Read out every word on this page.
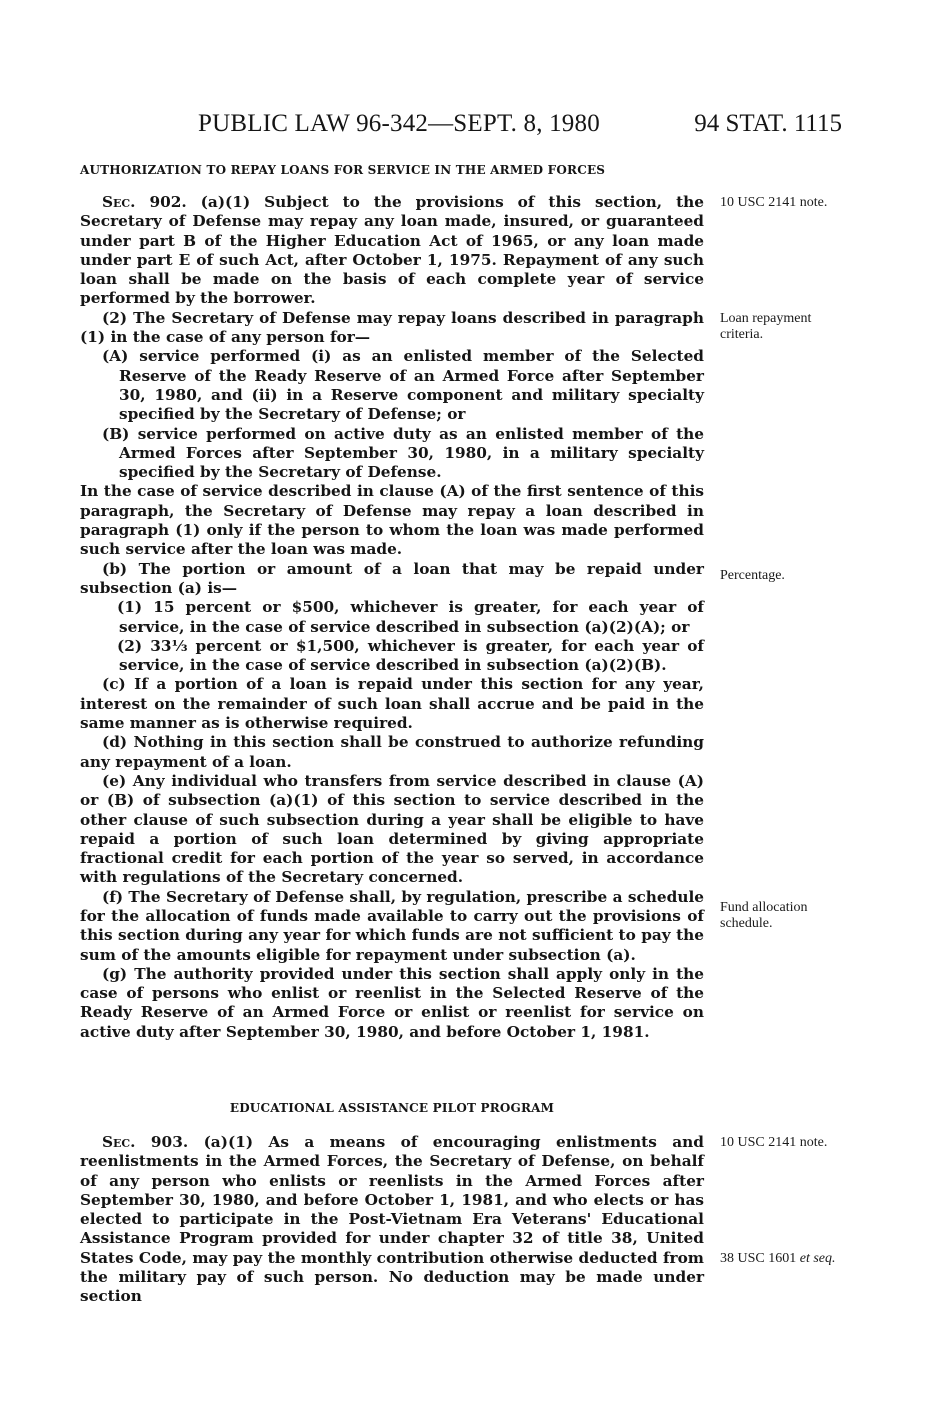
PUBLIC LAW 96-342—SEPT. 8, 1980	94 STAT. 1115
AUTHORIZATION TO REPAY LOANS FOR SERVICE IN THE ARMED FORCES

Sec. 902. (a)(1) Subject to the provisions of this section, the Secretary of Defense may repay any loan made, insured, or guaranteed under part B of the Higher Education Act of 1965, or any loan made under part E of such Act, after October 1, 1975. Repayment of any such loan shall be made on the basis of each complete year of service performed by the borrower.

(2) The Secretary of Defense may repay loans described in paragraph (1) in the case of any person for—

(A) service performed (i) as an enlisted member of the Selected Reserve of the Ready Reserve of an Armed Force after September 30, 1980, and (ii) in a Reserve component and military specialty specified by the Secretary of Defense; or

(B) service performed on active duty as an enlisted member of the Armed Forces after September 30, 1980, in a military specialty specified by the Secretary of Defense.

In the case of service described in clause (A) of the first sentence of this paragraph, the Secretary of Defense may repay a loan described in paragraph (1) only if the person to whom the loan was made performed such service after the loan was made.

(b) The portion or amount of a loan that may be repaid under subsection (a) is—

(1) 15 percent or $500, whichever is greater, for each year of service, in the case of service described in subsection (a)(2)(A); or

(2) 33⅓ percent or $1,500, whichever is greater, for each year of service, in the case of service described in subsection (a)(2)(B).

(c) If a portion of a loan is repaid under this section for any year, interest on the remainder of such loan shall accrue and be paid in the same manner as is otherwise required.

(d) Nothing in this section shall be construed to authorize refunding any repayment of a loan.

(e) Any individual who transfers from service described in clause (A) or (B) of subsection (a)(1) of this section to service described in the other clause of such subsection during a year shall be eligible to have repaid a portion of such loan determined by giving appropriate fractional credit for each portion of the year so served, in accordance with regulations of the Secretary concerned.

(f) The Secretary of Defense shall, by regulation, prescribe a schedule for the allocation of funds made available to carry out the provisions of this section during any year for which funds are not sufficient to pay the sum of the amounts eligible for repayment under subsection (a).

(g) The authority provided under this section shall apply only in the case of persons who enlist or reenlist in the Selected Reserve of the Ready Reserve of an Armed Force or enlist or reenlist for service on active duty after September 30, 1980, and before October 1, 1981.

EDUCATIONAL ASSISTANCE PILOT PROGRAM

Sec. 903. (a)(1) As a means of encouraging enlistments and reenlistments in the Armed Forces, the Secretary of Defense, on behalf of any person who enlists or reenlists in the Armed Forces after September 30, 1980, and before October 1, 1981, and who elects or has elected to participate in the Post-Vietnam Era Veterans' Educational Assistance Program provided for under chapter 32 of title 38, United States Code, may pay the monthly contribution otherwise deducted from the military pay of such person. No deduction may be made under section

10 USC 2141 note.
Loan repayment criteria.
Percentage.
Fund allocation schedule.
10 USC 2141 note.
38 USC 1601 et seq.
